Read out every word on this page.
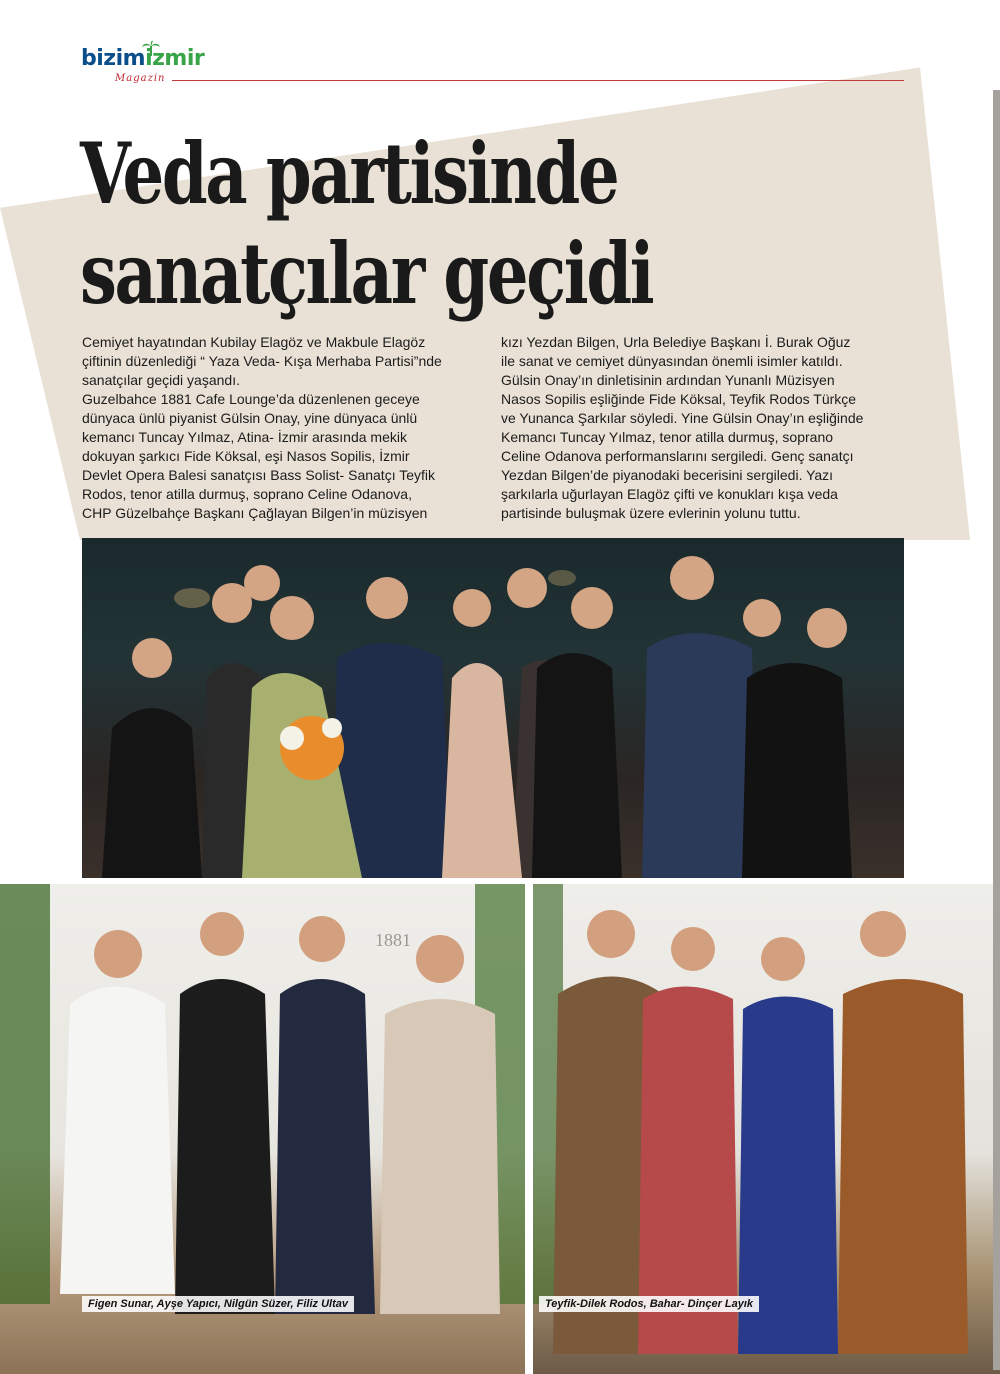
bizimizmir
Magazin
Veda partisinde
sanatçılar geçidi

Cemiyet hayatından Kubilay Elagöz ve Makbule Elagöz

çiftinin düzenlediği “ Yaza Veda- Kışa Merhaba Partisi”nde

sanatçılar geçidi yaşandı.

Guzelbahce 1881 Cafe Lounge’da düzenlenen geceye

dünyaca ünlü piyanist Gülsin Onay, yine dünyaca ünlü

kemancı Tuncay Yılmaz, Atina- İzmir arasında mekik

dokuyan şarkıcı Fide Köksal, eşi Nasos Sopilis, İzmir

Devlet Opera Balesi sanatçısı Bass Solist- Sanatçı Teyfik

Rodos, tenor atilla durmuş, soprano Celine Odanova,

CHP Güzelbahçe Başkanı Çağlayan Bilgen’in müzisyen

kızı Yezdan Bilgen, Urla Belediye Başkanı İ. Burak Oğuz

ile sanat ve cemiyet dünyasından önemli isimler katıldı.

Gülsin Onay’ın dinletisinin ardından Yunanlı Müzisyen

Nasos Sopilis eşliğinde Fide Köksal, Teyfik Rodos Türkçe

ve Yunanca Şarkılar söyledi. Yine Gülsin Onay’ın eşliğinde

Kemancı Tuncay Yılmaz, tenor atilla durmuş, soprano

Celine Odanova performanslarını sergiledi. Genç sanatçı

Yezdan Bilgen’de piyanodaki becerisini sergiledi. Yazı

şarkılarla uğurlayan Elagöz çifti ve konukları kışa veda

partisinde buluşmak üzere evlerinin yolunu tuttu.

1881
Figen Sunar, Ayşe Yapıcı, Nilgün Süzer, Filiz Ultav	Teyfik-Dilek Rodos, Bahar- Dinçer Layık
